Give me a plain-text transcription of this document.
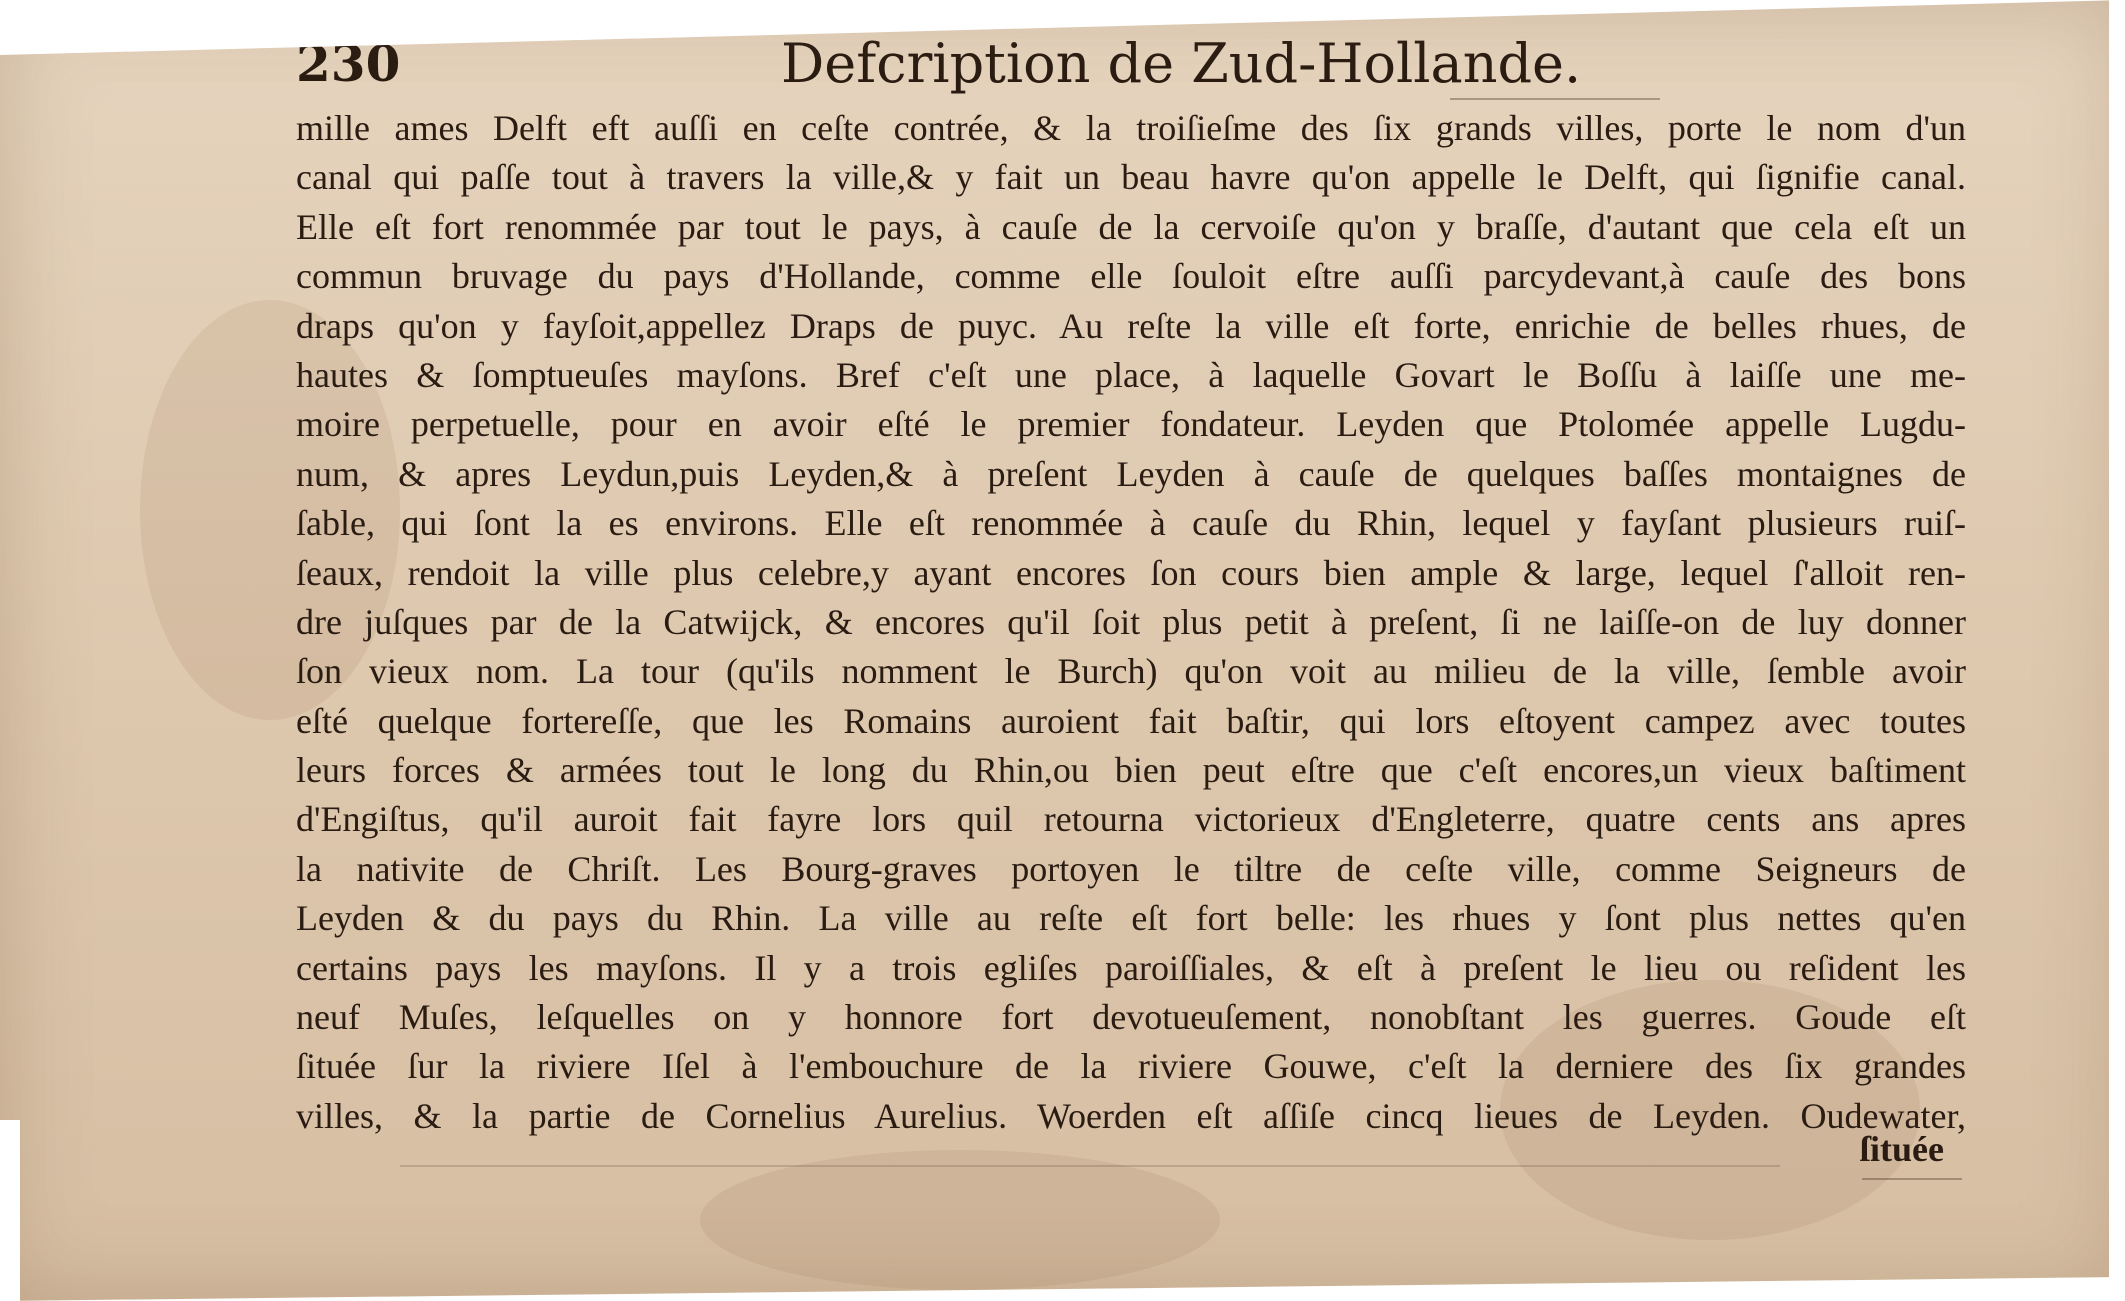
230	Defcription de Zud-Hollande.
mille ames Delft eft auſſi en ceſte contrée, & la troiſieſme des ſix grands villes, porte le nom d'un
canal qui paſſe tout à travers la ville,& y fait un beau havre qu'on appelle le Delft, qui ſignifie canal.
Elle eſt fort renommée par tout le pays, à cauſe de la cervoiſe qu'on y braſſe, d'autant que cela eſt un
commun bruvage du pays d'Hollande, comme elle ſouloit eſtre auſſi parcydevant,à cauſe des bons
draps qu'on y fayſoit,appellez Draps de puyc. Au reſte la ville eſt forte, enrichie de belles rhues, de
hautes & ſomptueuſes mayſons. Bref c'eſt une place, à laquelle Govart le Boſſu à laiſſe une me-
moire perpetuelle, pour en avoir eſté le premier fondateur. Leyden que Ptolomée appelle Lugdu-
num, & apres Leydun,puis Leyden,& à preſent Leyden à cauſe de quelques baſſes montaignes de
ſable, qui ſont la es environs. Elle eſt renommée à cauſe du Rhin, lequel y fayſant plusieurs ruiſ-
ſeaux, rendoit la ville plus celebre,y ayant encores ſon cours bien ample & large, lequel ſ'alloit ren-
dre juſques par de la Catwijck, & encores qu'il ſoit plus petit à preſent, ſi ne laiſſe-on de luy donner
ſon vieux nom. La tour (qu'ils nomment le Burch) qu'on voit au milieu de la ville, ſemble avoir
eſté quelque fortereſſe, que les Romains auroient fait baſtir, qui lors eſtoyent campez avec toutes
leurs forces & armées tout le long du Rhin,ou bien peut eſtre que c'eſt encores,un vieux baſtiment
d'Engiſtus, qu'il auroit fait fayre lors quil retourna victorieux d'Engleterre, quatre cents ans apres
la nativite de Chriſt. Les Bourg-graves portoyen le tiltre de ceſte ville, comme Seigneurs de
Leyden & du pays du Rhin. La ville au reſte eſt fort belle: les rhues y ſont plus nettes qu'en
certains pays les mayſons. Il y a trois egliſes paroiſſiales, & eſt à preſent le lieu ou reſident les
neuf Muſes, leſquelles on y honnore fort devotueuſement, nonobſtant les guerres. Goude eſt
ſituée ſur la riviere Iſel à l'embouchure de la riviere Gouwe, c'eſt la derniere des ſix grandes
villes, & la partie de Cornelius Aurelius. Woerden eſt aſſiſe cincq lieues de Leyden. Oudewater,
ſituée
